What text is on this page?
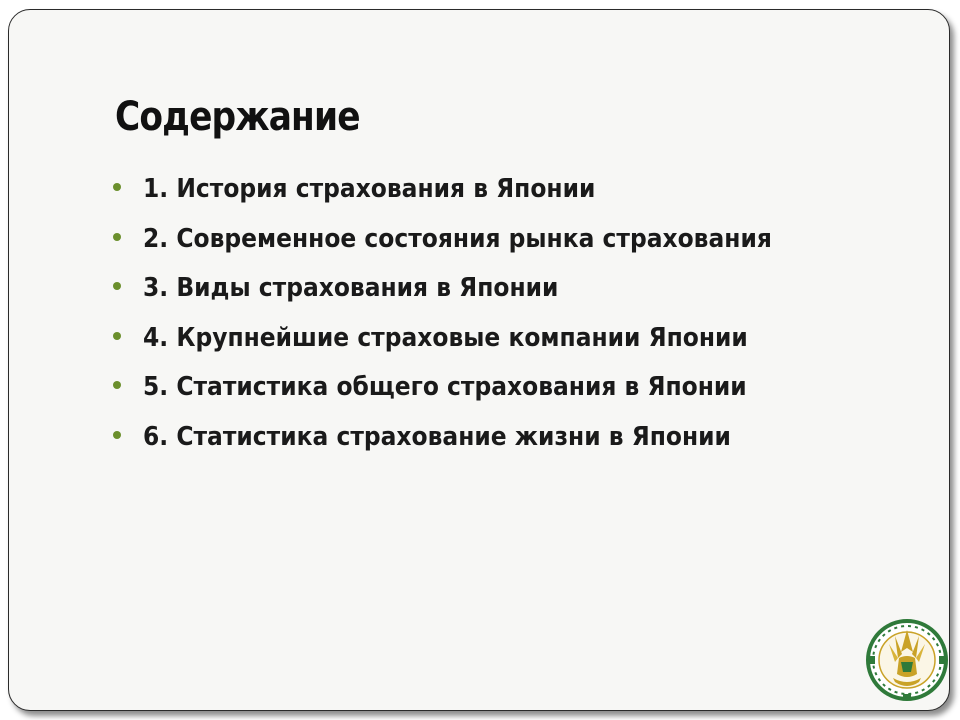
Содержание
1. История страхования в Японии
2. Современное состояния рынка страхования
3. Виды страхования в Японии
4. Крупнейшие страховые компании Японии
5. Статистика общего страхования в Японии
6. Статистика страхование жизни в Японии
